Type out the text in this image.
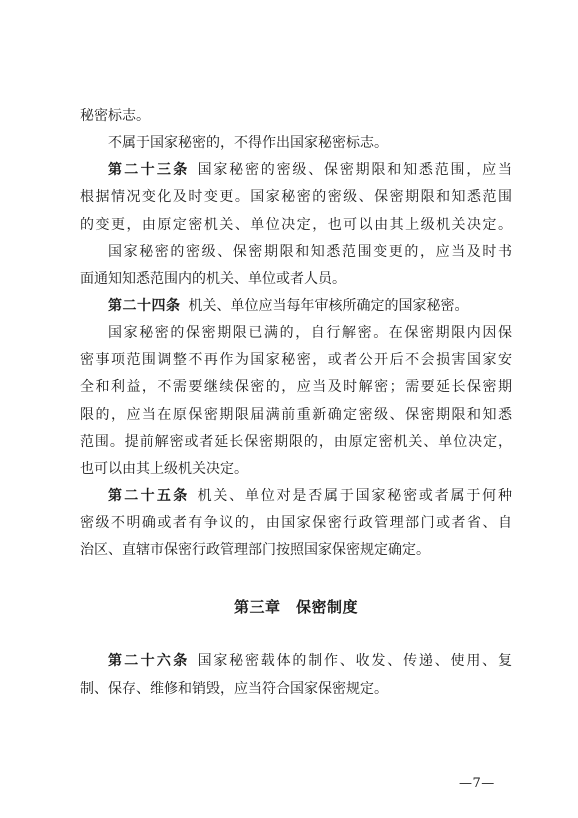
秘密标志。
不属于国家秘密的，不得作出国家秘密标志。
第二十三条 国家秘密的密级、保密期限和知悉范围，应当
根据情况变化及时变更。国家秘密的密级、保密期限和知悉范围
的变更，由原定密机关、单位决定，也可以由其上级机关决定。
国家秘密的密级、保密期限和知悉范围变更的，应当及时书
面通知知悉范围内的机关、单位或者人员。
第二十四条 机关、单位应当每年审核所确定的国家秘密。
国家秘密的保密期限已满的，自行解密。在保密期限内因保
密事项范围调整不再作为国家秘密，或者公开后不会损害国家安
全和利益，不需要继续保密的，应当及时解密；需要延长保密期
限的，应当在原保密期限届满前重新确定密级、保密期限和知悉
范围。提前解密或者延长保密期限的，由原定密机关、单位决定，
也可以由其上级机关决定。
第二十五条 机关、单位对是否属于国家秘密或者属于何种
密级不明确或者有争议的，由国家保密行政管理部门或者省、自
治区、直辖市保密行政管理部门按照国家保密规定确定。
第三章　保密制度
第二十六条 国家秘密载体的制作、收发、传递、使用、复
制、保存、维修和销毁，应当符合国家保密规定。
—7—
